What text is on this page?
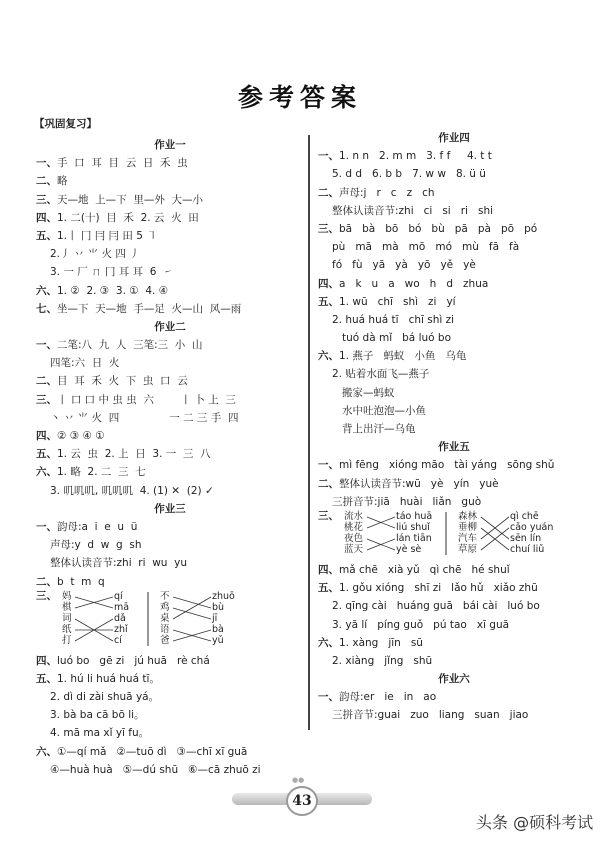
参考答案
【巩固复习】
作业一
一、手  口  耳  目  云  日  禾  虫
二、略
三、天—地  上—下  里—外  大—小
四、1. 二(十)  目  禾  2. 云  火  田
五、1.丨 冂 冃 冃 田 5 ㇕
2.丿 丷 ⺌ 火 四 丿
3. 一 厂 ㄇ 冂 耳 耳  6  ㇀
六、1. ②  2. ③  3. ①  4. ④
七、坐—下  天—地  手—足  火—山  风—雨
作业二
一、二笔:八  九  人  三笔:三  小  山
四笔:六  日  火
二、目  耳  禾  火  下  虫  口  云
三、丨 口 口 中 虫 虫  六        丨 卜 上  三
丶 丷 ⺌ 火  四               一 二 三 手  四
四、② ③ ④ ①
五、1. 云  虫  2. 上  日  3. 一  三  八
六、1. 略  2. 二  三  七
3. 叽叽叽, 叽叽叽  4. (1) ✕  (2) ✓
作业三
一、韵母:a  i  e  u  ü
声母:y  d  w  g  sh
整体认读音节:zhi  ri  wu  yu
二、b  t  m  q
三、 妈
棋
词
纸
打
qí
mā
dǎ
zhǐ
cí
不
鸡
桌
语
爸
zhuō
bù
jī
bà
yǔ
四、luó bo   gē zi   jú huā   rè chá
五、1. hú li huá huá tī。
2. dì di zài shuā yá。
3. bà ba cā bō li。
4. mā ma xǐ yī fu。
六、①—qí mǎ   ②—tuō dì   ③—chī xī guā
④—huà huà   ⑤—dú shū   ⑥—cā zhuō zi
作业四
一、1. n n   2. m m   3. f f     4. t t
5. d d   6. b b   7. w w   8. ü ü
二、声母:j   r   c   z   ch
整体认读音节:zhi   ci   si   ri   shi
三、bā   bà   bō   bó   bù   pā   pà   pō   pó
pù   mā   mà   mō   mó   mù   fā   fà
fó   fù   yā   yà   yō   yě   yè
四、a   k   u   a   wo   h   d   zhua
五、1. wū   chī   shì   zi   yí
2. huá huá tī   chī shì zi
tuó dà mǐ   bá luó bo
六、1. 燕子   蚂蚁   小鱼   乌龟
2. 贴着水面飞—燕子
搬家—蚂蚁
水中吐泡泡—小鱼
背上出汗—乌龟
作业五
一、mì fēng   xióng māo   tài yáng   sōng shǔ
二、整体认读音节:wū   yè   yín   yuè
三拼音节:jiā   huài   liǎn   guò
三、 流水
桃花
夜色
蓝天
táo huā
liú shuǐ
lán tiān
yè sè
森林
垂柳
汽车
草原
qì chē
cǎo yuán
sēn lín
chuí liǔ
四、mǎ chē   xià yǔ   qì chē   hé shuǐ
五、1. gǒu xióng   shī zi   lǎo hǔ   xiǎo zhū
2. qīng cài   huáng guā   bái cài   luó bo
3. yā lí   píng guǒ   pú tao   xī guā
六、1. xàng   jīn   sū
2. xiàng   jǐng   shū
作业六
一、韵母:er   ie   in   ao
三拼音节:guai   zuo   liang   suan   jiao
●●
43
头条 @硕科考试
